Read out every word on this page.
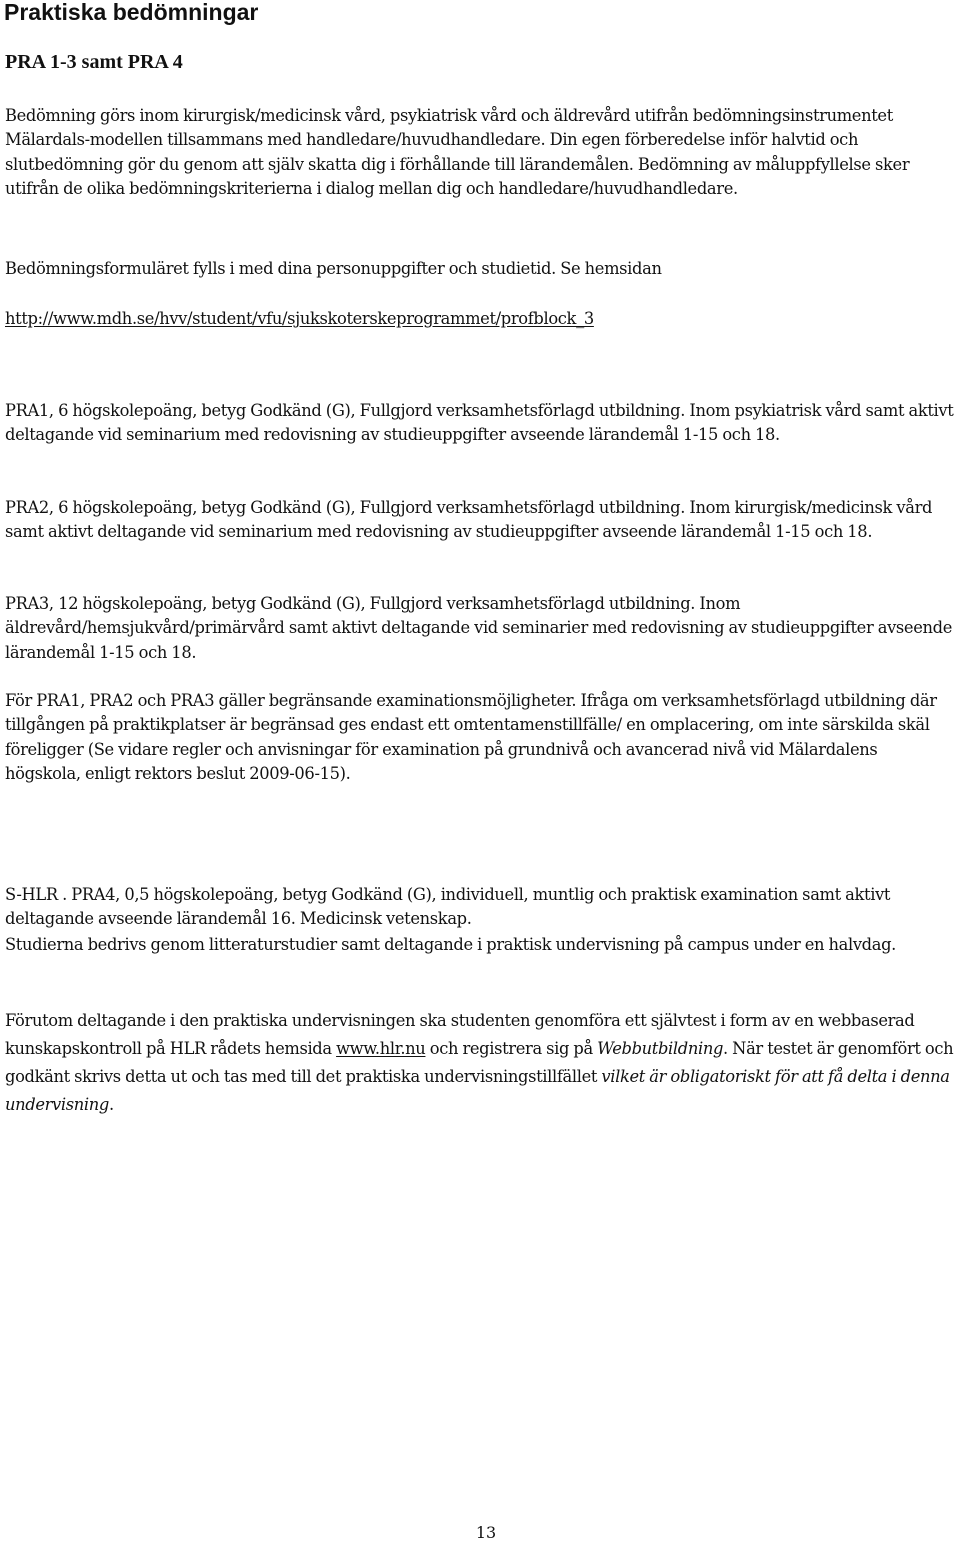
Praktiska bedömningar
PRA 1-3 samt PRA 4

Bedömning görs inom kirurgisk/medicinsk vård, psykiatrisk vård och äldrevård utifrån bedömningsinstrumentet Mälardals-modellen tillsammans med handledare/huvudhandledare. Din egen förberedelse inför halvtid och slutbedömning gör du genom att själv skatta dig i förhållande till lärandemålen. Bedömning av måluppfyllelse sker utifrån de olika bedömningskriterierna i dialog mellan dig och handledare/huvudhandledare.

Bedömningsformuläret fylls i med dina personuppgifter och studietid. Se hemsidan

http://www.mdh.se/hvv/student/vfu/sjukskoterskeprogrammet/profblock_3

PRA1, 6 högskolepoäng, betyg Godkänd (G), Fullgjord verksamhetsförlagd utbildning. Inom psykiatrisk vård samt aktivt deltagande vid seminarium med redovisning av studieuppgifter avseende lärandemål 1-15 och 18.

PRA2, 6 högskolepoäng, betyg Godkänd (G), Fullgjord verksamhetsförlagd utbildning. Inom kirurgisk/medicinsk vård samt aktivt deltagande vid seminarium med redovisning av studieuppgifter avseende lärandemål 1-15 och 18.

PRA3, 12 högskolepoäng, betyg Godkänd (G), Fullgjord verksamhetsförlagd utbildning. Inom äldrevård/hemsjukvård/primärvård samt aktivt deltagande vid seminarier med redovisning av studieuppgifter avseende lärandemål 1-15 och 18.

För PRA1, PRA2 och PRA3 gäller begränsande examinationsmöjligheter. Ifråga om verksamhetsförlagd utbildning där tillgången på praktikplatser är begränsad ges endast ett omtentamenstillfälle/ en omplacering, om inte särskilda skäl föreligger (Se vidare regler och anvisningar för examination på grundnivå och avancerad nivå vid Mälardalens högskola, enligt rektors beslut 2009-06-15).

S-HLR . PRA4, 0,5 högskolepoäng, betyg Godkänd (G), individuell, muntlig och praktisk examination samt aktivt deltagande avseende lärandemål 16. Medicinsk vetenskap.

Studierna bedrivs genom litteraturstudier samt deltagande i praktisk undervisning på campus under en halvdag.

Förutom deltagande i den praktiska undervisningen ska studenten genomföra ett självtest i form av en webbaserad kunskapskontroll på HLR rådets hemsida www.hlr.nu och registrera sig på Webbutbildning. När testet är genomfört och godkänt skrivs detta ut och tas med till det praktiska undervisningstillfället vilket är obligatoriskt för att få delta i denna undervisning.

13
